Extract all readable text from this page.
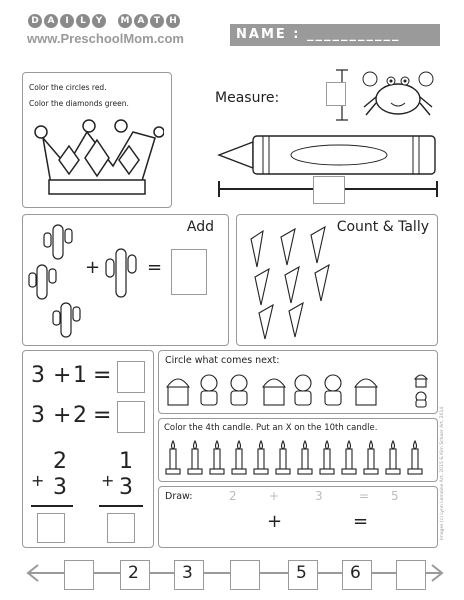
D A I L Y M A T H
www.PreschoolMom.com	NAME : ___________
Color the circles red.
Color the diamonds green.	Measure:
Add
+	=
Count & Tally
3 + 1 =
3 + 2 =
2
+ 3
1
+ 3
Circle what comes next:
Color the 4th candle. Put an X on the 10th candle.
Draw:	2	+	3	= 5
+	=	Images (c) Lynn Lemoine Art, 2015 & Kim Schaer Art, 2014
2	3	5	6
